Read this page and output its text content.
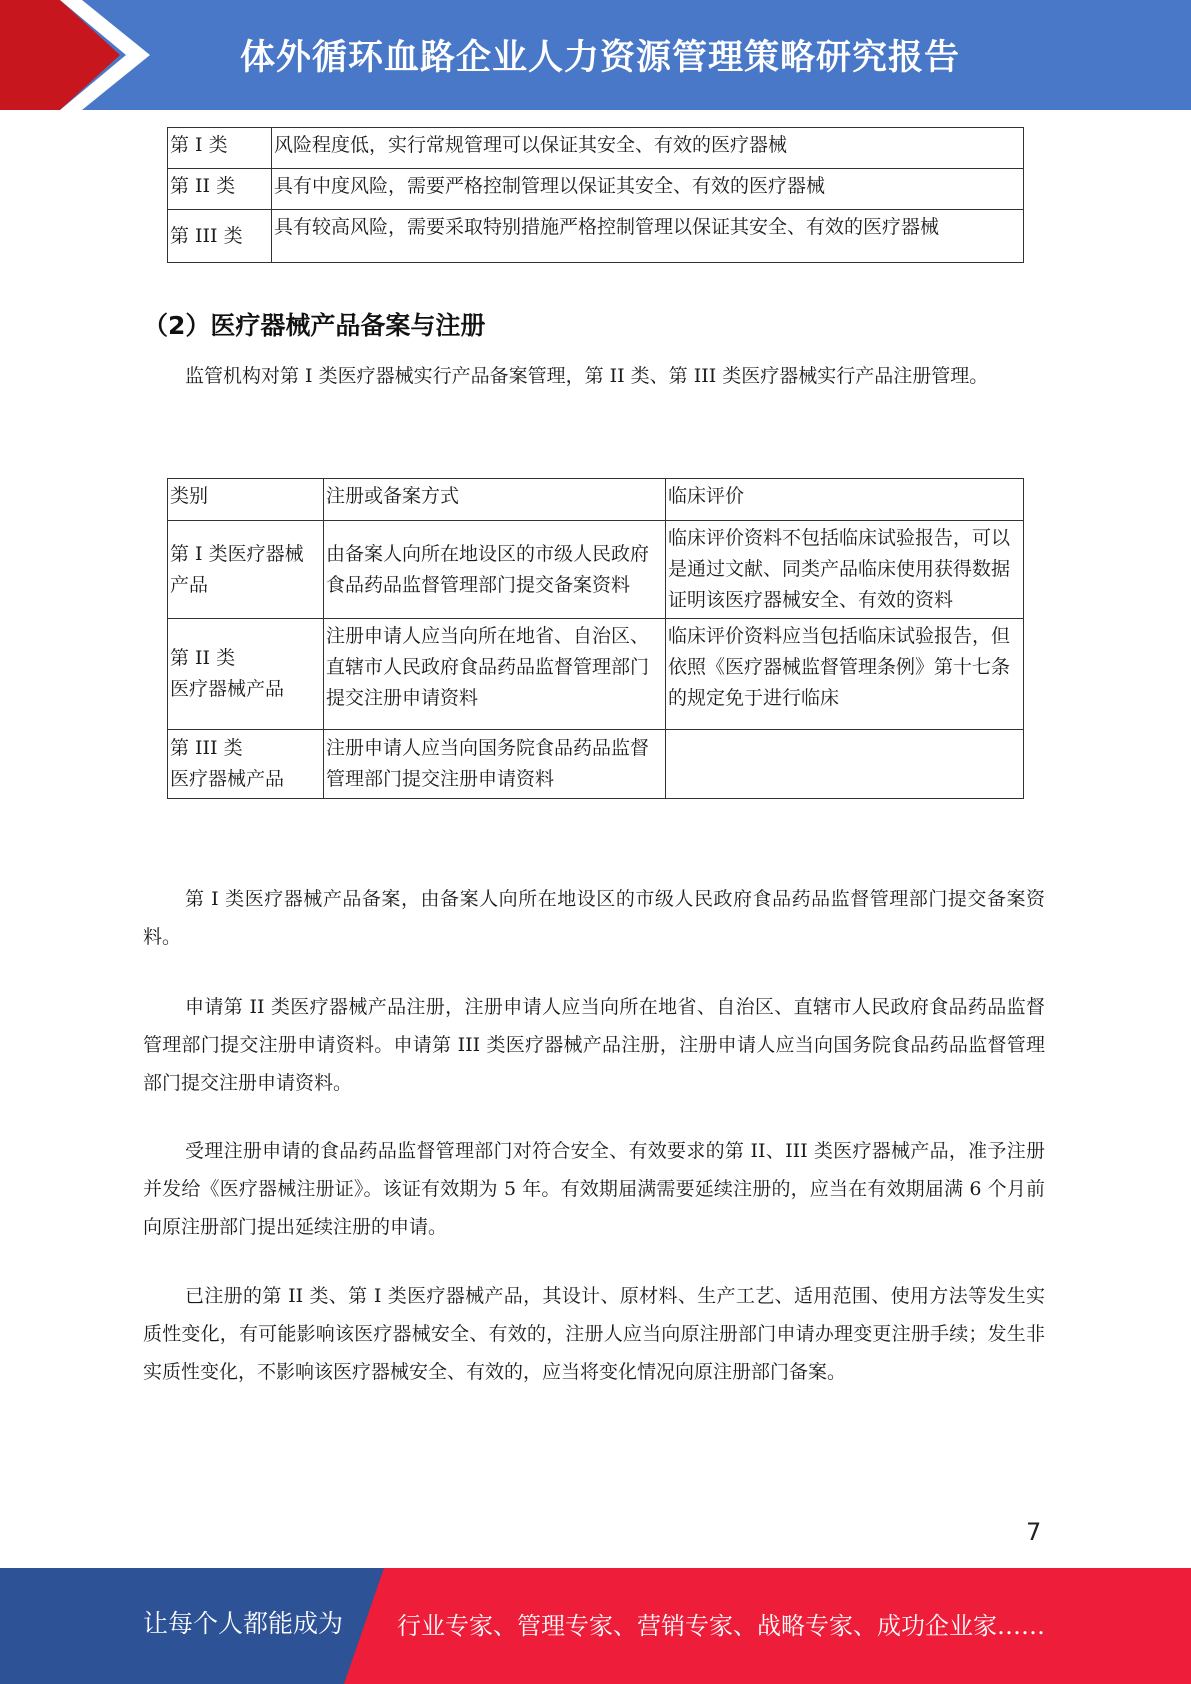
体外循环血路企业人力资源管理策略研究报告
第 I 类	风险程度低，实行常规管理可以保证其安全、有效的医疗器械
第 II 类	具有中度风险，需要严格控制管理以保证其安全、有效的医疗器械
第 III 类	具有较高风险，需要采取特别措施严格控制管理以保证其安全、有效的医疗器械
（2）医疗器械产品备案与注册

监管机构对第 I 类医疗器械实行产品备案管理，第 II 类、第 III 类医疗器械实行产品注册管理。

类别	注册或备案方式	临床评价
第 I 类医疗器械产品	由备案人向所在地设区的市级人民政府食品药品监督管理部门提交备案资料	临床评价资料不包括临床试验报告，可以是通过文献、同类产品临床使用获得数据证明该医疗器械安全、有效的资料

第 II 类
医疗器械产品	注册申请人应当向所在地省、自治区、直辖市人民政府食品药品监督管理部门提交注册申请资料	临床评价资料应当包括临床试验报告，但依照《医疗器械监督管理条例》第十七条的规定免于进行临床

第 III 类
医疗器械产品	注册申请人应当向国务院食品药品监督管理部门提交注册申请资料	

第 I 类医疗器械产品备案，由备案人向所在地设区的市级人民政府食品药品监督管理部门提交备案资料。

申请第 II 类医疗器械产品注册，注册申请人应当向所在地省、自治区、直辖市人民政府食品药品监督管理部门提交注册申请资料。申请第 III 类医疗器械产品注册，注册申请人应当向国务院食品药品监督管理部门提交注册申请资料。

受理注册申请的食品药品监督管理部门对符合安全、有效要求的第 II、III 类医疗器械产品，准予注册并发给《医疗器械注册证》。该证有效期为 5 年。有效期届满需要延续注册的，应当在有效期届满 6 个月前向原注册部门提出延续注册的申请。

已注册的第 II 类、第 I 类医疗器械产品，其设计、原材料、生产工艺、适用范围、使用方法等发生实质性变化，有可能影响该医疗器械安全、有效的，注册人应当向原注册部门申请办理变更注册手续；发生非实质性变化，不影响该医疗器械安全、有效的，应当将变化情况向原注册部门备案。

7
让每个人都能成为 行业专家、管理专家、营销专家、战略专家、成功企业家……
